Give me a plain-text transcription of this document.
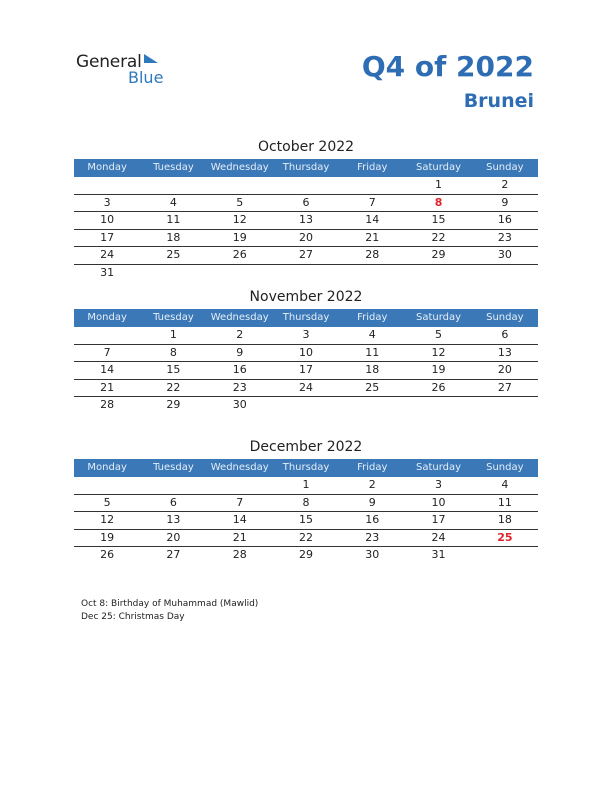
General
Blue	Q4 of 2022
Brunei
October 2022
Monday	Tuesday	Wednesday	Thursday	Friday	Saturday	Sunday
					1	2
3	4	5	6	7	8	9
10	11	12	13	14	15	16
17	18	19	20	21	22	23
24	25	26	27	28	29	30
31						
November 2022
Monday	Tuesday	Wednesday	Thursday	Friday	Saturday	Sunday
	1	2	3	4	5	6
7	8	9	10	11	12	13
14	15	16	17	18	19	20
21	22	23	24	25	26	27
28	29	30				
December 2022
Monday	Tuesday	Wednesday	Thursday	Friday	Saturday	Sunday
			1	2	3	4
5	6	7	8	9	10	11
12	13	14	15	16	17	18
19	20	21	22	23	24	25
26	27	28	29	30	31	
Oct 8: Birthday of Muhammad (Mawlid)
Dec 25: Christmas Day
